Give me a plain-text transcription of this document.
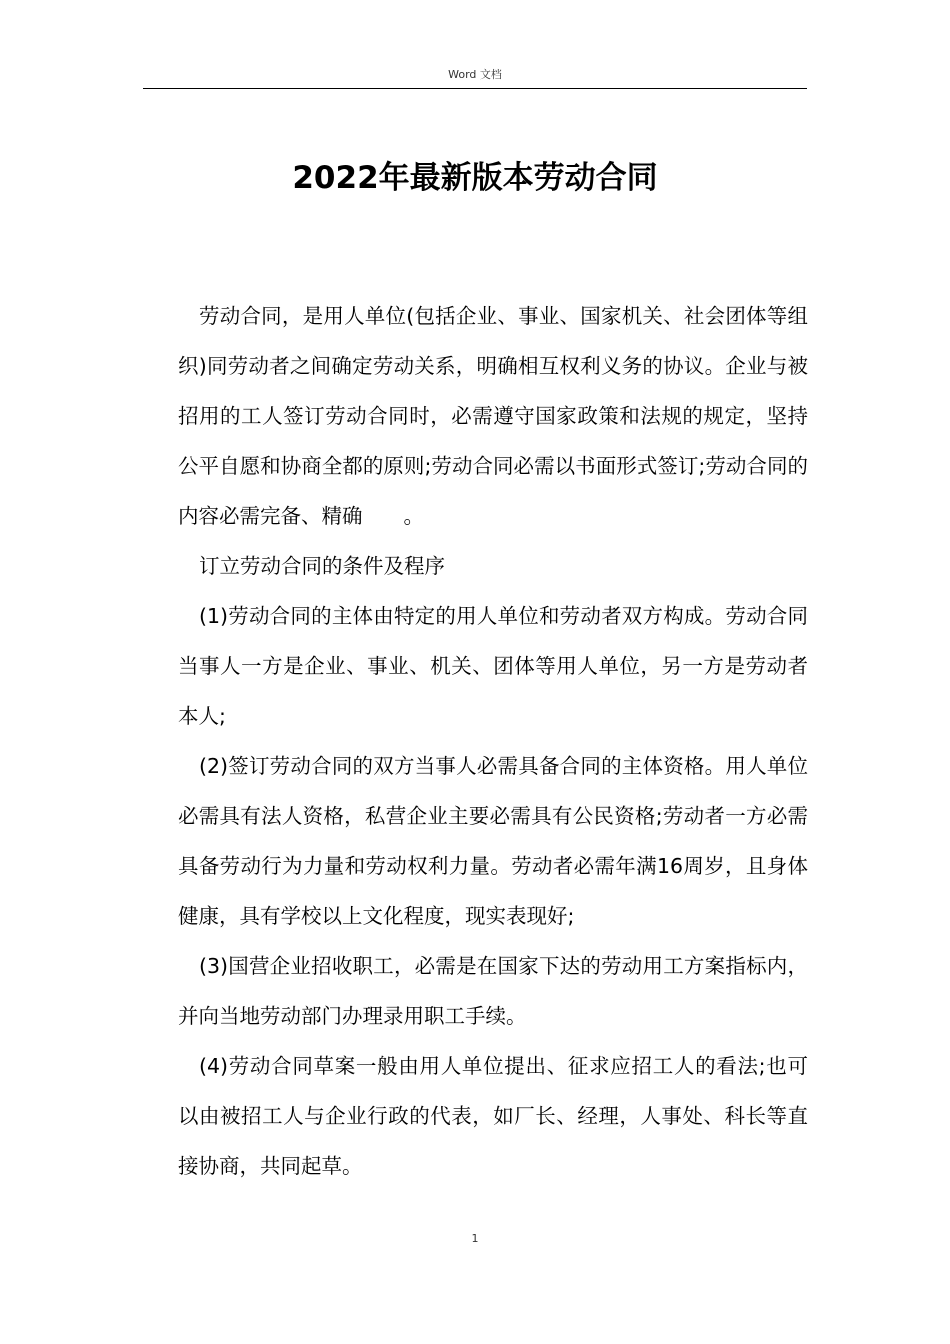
Word 文档
2022年最新版本劳动合同

劳动合同，是用人单位(包括企业、事业、国家机关、社会团体等组织)同劳动者之间确定劳动关系，明确相互权利义务的协议。企业与被招用的工人签订劳动合同时，必需遵守国家政策和法规的规定，坚持公平自愿和协商全都的原则;劳动合同必需以书面形式签订;劳动合同的内容必需完备、精确　　。

订立劳动合同的条件及程序

(1)劳动合同的主体由特定的用人单位和劳动者双方构成。劳动合同当事人一方是企业、事业、机关、团体等用人单位，另一方是劳动者本人;

(2)签订劳动合同的双方当事人必需具备合同的主体资格。用人单位必需具有法人资格，私营企业主要必需具有公民资格;劳动者一方必需具备劳动行为力量和劳动权利力量。劳动者必需年满16周岁，且身体健康，具有学校以上文化程度，现实表现好;

(3)国营企业招收职工，必需是在国家下达的劳动用工方案指标内，并向当地劳动部门办理录用职工手续。

(4)劳动合同草案一般由用人单位提出、征求应招工人的看法;也可以由被招工人与企业行政的代表，如厂长、经理，人事处、科长等直接协商，共同起草。

1
